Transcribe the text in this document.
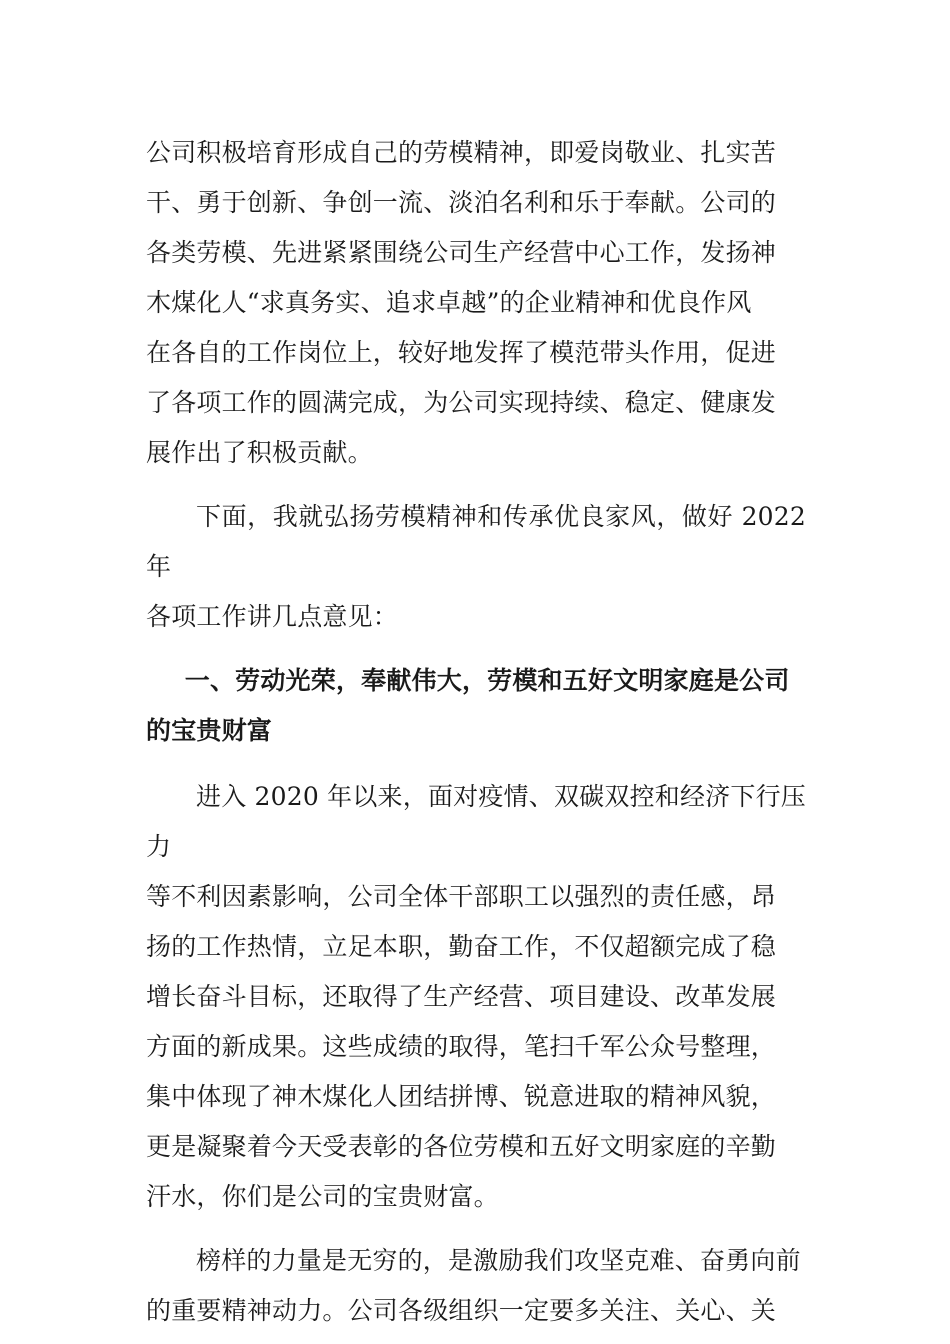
公司积极培育形成自己的劳模精神，即爱岗敬业、扎实苦
干、勇于创新、争创一流、淡泊名利和乐于奉献。公司的
各类劳模、先进紧紧围绕公司生产经营中心工作，发扬神
木煤化人“求真务实、追求卓越”的企业精神和优良作风
在各自的工作岗位上，较好地发挥了模范带头作用，促进
了各项工作的圆满完成，为公司实现持续、稳定、健康发
展作出了积极贡献。

下面，我就弘扬劳模精神和传承优良家风，做好 2022 年
各项工作讲几点意见：

一、劳动光荣，奉献伟大，劳模和五好文明家庭是公司
的宝贵财富

进入 2020 年以来，面对疫情、双碳双控和经济下行压力
等不利因素影响，公司全体干部职工以强烈的责任感，昂
扬的工作热情，立足本职，勤奋工作，不仅超额完成了稳
增长奋斗目标，还取得了生产经营、项目建设、改革发展
方面的新成果。这些成绩的取得，笔扫千军公众号整理，
集中体现了神木煤化人团结拼博、锐意进取的精神风貌，
更是凝聚着今天受表彰的各位劳模和五好文明家庭的辛勤
汗水，你们是公司的宝贵财富。

榜样的力量是无穷的，是激励我们攻坚克难、奋勇向前
的重要精神动力。公司各级组织一定要多关注、关心、关
